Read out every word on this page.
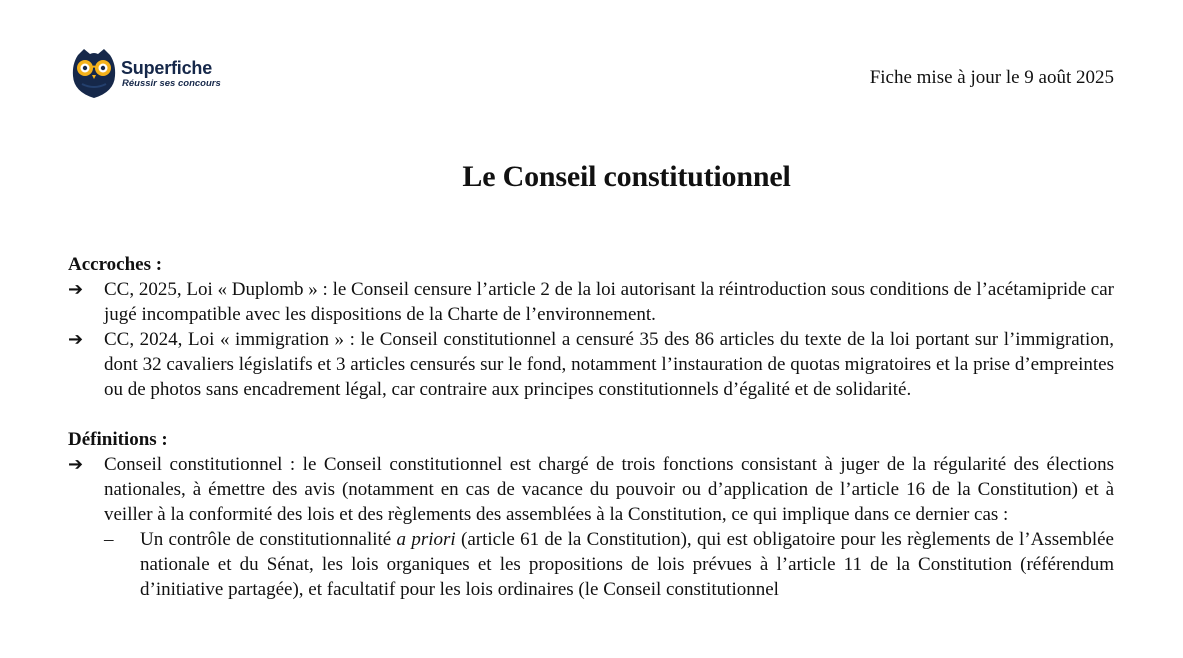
Superfiche
Réussir ses concours	Fiche mise à jour le 9 août 2025
Le Conseil constitutionnel

Accroches :

➔ CC, 2025, Loi « Duplomb » : le Conseil censure l’article 2 de la loi autorisant la réintroduction sous conditions de l’acétamipride car jugé incompatible avec les dispositions de la Charte de l’environnement.
➔ CC, 2024, Loi « immigration » : le Conseil constitutionnel a censuré 35 des 86 articles du texte de la loi portant sur l’immigration, dont 32 cavaliers législatifs et 3 articles censurés sur le fond, notamment l’instauration de quotas migratoires et la prise d’empreintes ou de photos sans encadrement légal, car contraire aux principes constitutionnels d’égalité et de solidarité.

Définitions :

➔ Conseil constitutionnel : le Conseil constitutionnel est chargé de trois fonctions consistant à juger de la régularité des élections nationales, à émettre des avis (notamment en cas de vacance du pouvoir ou d’application de l’article 16 de la Constitution) et à veiller à la conformité des lois et des règlements des assemblées à la Constitution, ce qui implique dans ce dernier cas :
– Un contrôle de constitutionnalité a priori (article 61 de la Constitution), qui est obligatoire pour les règlements de l’Assemblée nationale et du Sénat, les lois organiques et les propositions de lois prévues à l’article 11 de la Constitution (référendum d’initiative partagée), et facultatif pour les lois ordinaires (le Conseil constitutionnel
